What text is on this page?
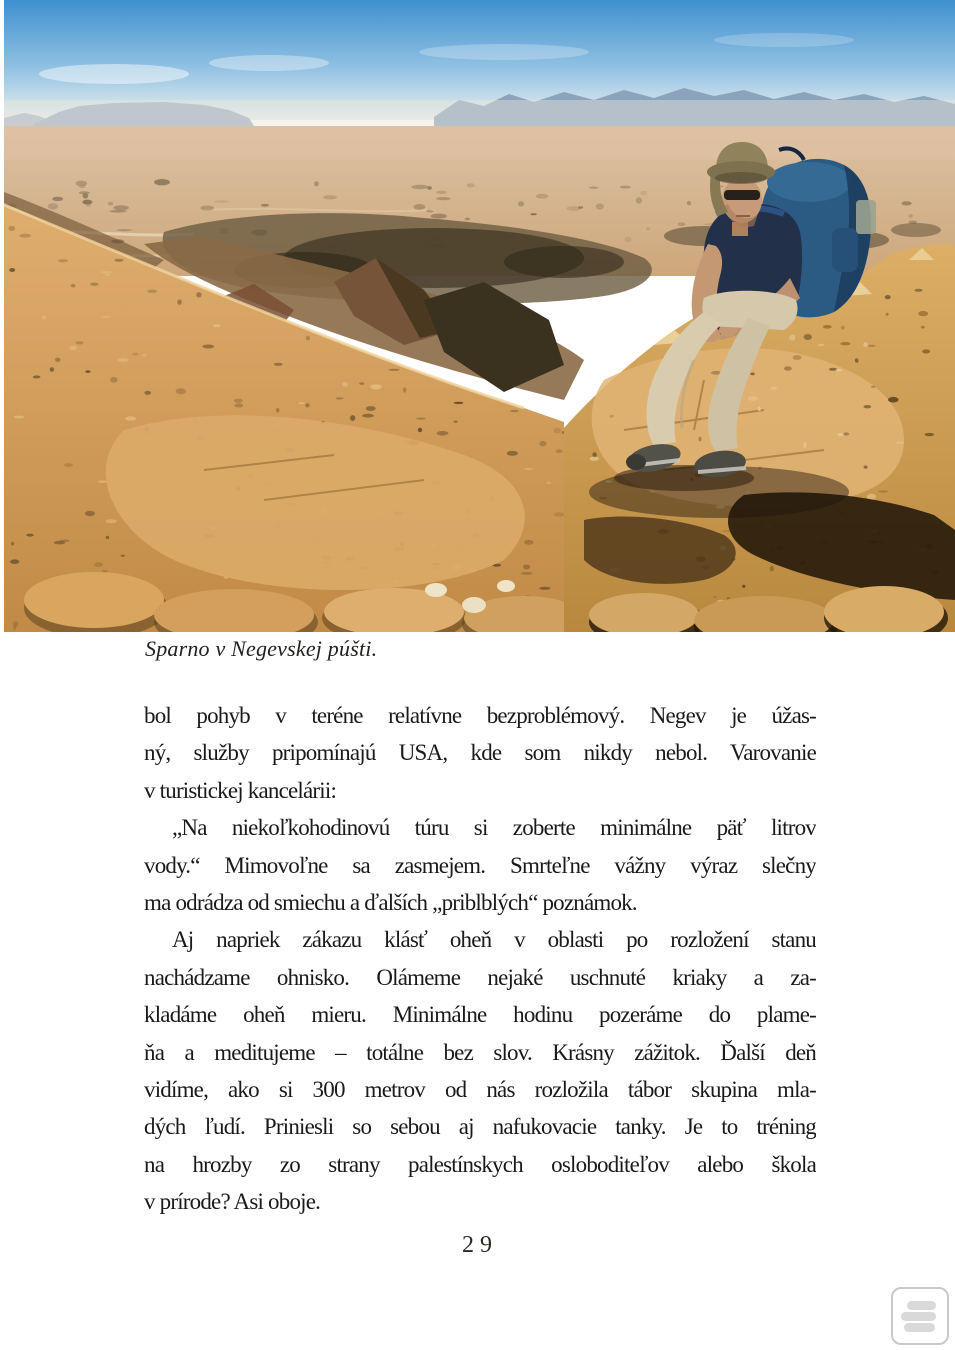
Sparno v Negevskej púšti.

bol pohyb v teréne relatívne bezproblémový. Negev je úžas-
ný, služby pripomínajú USA, kde som nikdy nebol. Varovanie
v turistickej kancelárii:
„Na niekoľkohodinovú túru si zoberte minimálne päť litrov
vody.“ Mimovoľne sa zasmejem. Smrteľne vážny výraz slečny
ma odrádza od smiechu a ďalších „priblblých“ poznámok.
Aj napriek zákazu klásť oheň v oblasti po rozložení stanu
nachádzame ohnisko. Olámeme nejaké uschnuté kriaky a za-
kladáme oheň mieru. Minimálne hodinu pozeráme do plame-
ňa a meditujeme – totálne bez slov. Krásny zážitok. Ďalší deň
vidíme, ako si 300 metrov od nás rozložila tábor skupina mla-
dých ľudí. Priniesli so sebou aj nafukovacie tanky. Je to tréning
na hrozby zo strany palestínskych osloboditeľov alebo škola
v prírode? Asi oboje.
29
